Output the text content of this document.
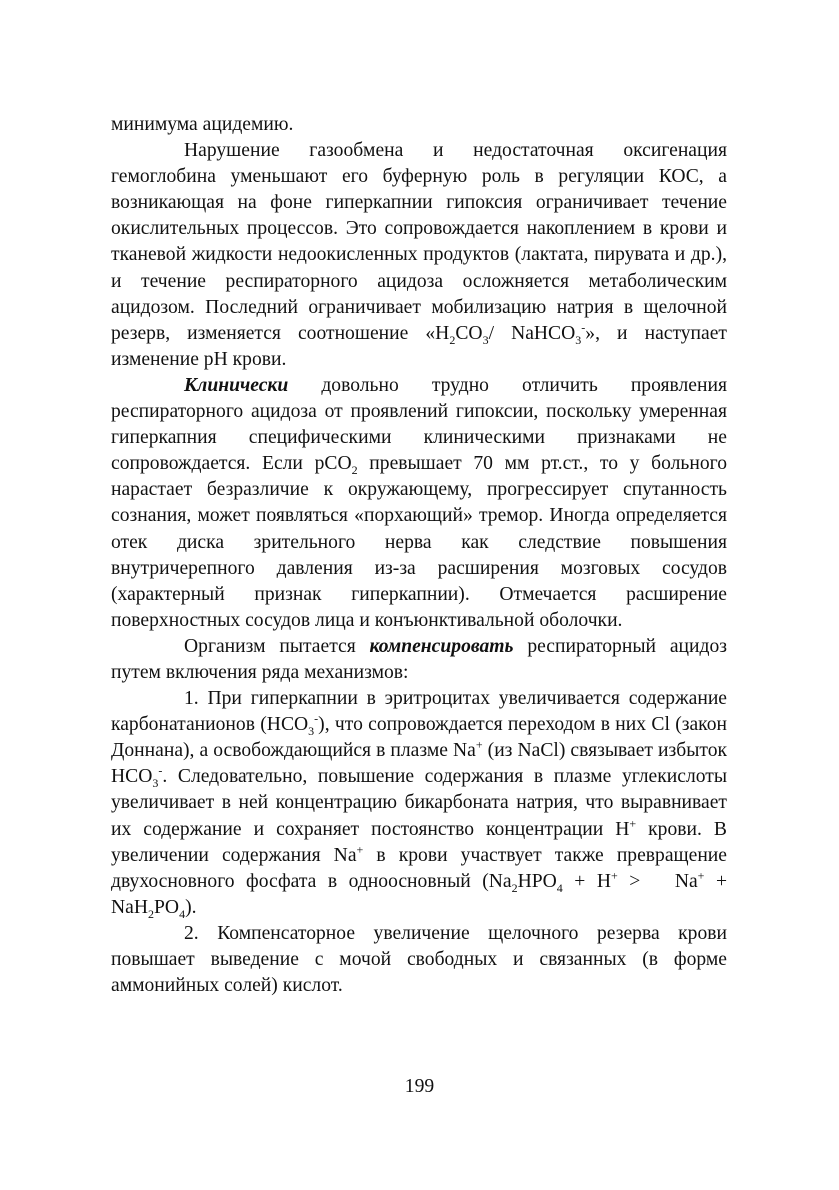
минимума ацидемию.

Нарушение газообмена и недостаточная оксигенация гемоглобина уменьшают его буферную роль в регуляции КОС, а возникающая на фоне гиперкапнии гипоксия ограничивает течение окислительных процессов. Это сопровождается накоплением в крови и тканевой жидкости недоокисленных продуктов (лактата, пирувата и др.), и течение респираторного ацидоза осложняется метаболическим ацидозом. Последний ограничивает мобилизацию натрия в щелочной резерв, изменяется соотношение «$H_2CO_3/$ NaHCO$_3$-», и наступает изменение рН крови.

Клинически довольно трудно отличить проявления респираторного ацидоза от проявлений гипоксии, поскольку умеренная гиперкапния специфическими клиническими признаками не сопровождается. Если pCO$_2$ превышает 70 мм рт.ст., то у больного нарастает безразличие к окружающему, прогрессирует спутанность сознания, может появляться «порхающий» тремор. Иногда определяется отек диска зрительного нерва как следствие повышения внутричерепного давления из-за расширения мозговых сосудов (характерный признак гиперкапнии). Отмечается расширение поверхностных сосудов лица и конъюнктивальной оболочки.

Организм пытается компенсировать респираторный ацидоз путем включения ряда механизмов:

1. При гиперкапнии в эритроцитах увеличивается содержание карбонатанионов $(HCO_3^-)$, что сопровождается переходом в них Cl (закон Доннана), а освобождающийся в плазме Na+ (из NaCl) связывает избыток $HCO_3^-$. Следовательно, повышение содержания в плазме углекислоты увеличивает в ней концентрацию бикарбоната натрия, что выравнивает их содержание и сохраняет постоянство концентрации H+ крови. В увеличении содержания Na+ в крови участвует также превращение двухосновного фосфата в одноосновный $(Na_2HPO_4 + H^+ > Na^+ + NaH_2PO_4)$.

2. Компенсаторное увеличение щелочного резерва крови повышает выведение с мочой свободных и связанных (в форме аммонийных солей) кислот.

199
